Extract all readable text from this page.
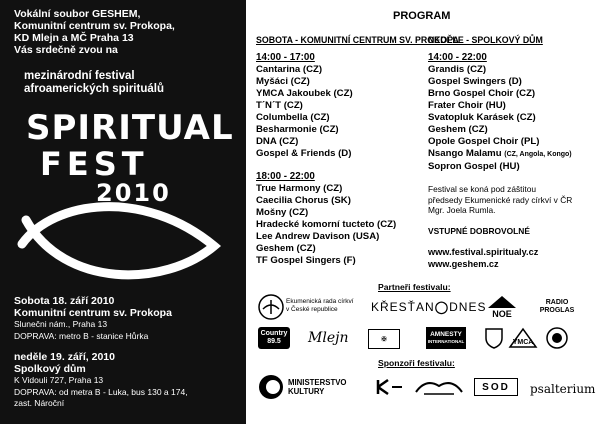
Vokální soubor GESHEM,
Komunitní centrum sv. Prokopa,
KD Mlejn a MČ Praha 13
Vás srdečně zvou na
mezinárodní festival
afroamerických spirituálů
SPIRITUAL
FEST
2010
Sobota 18. září 2010
Komunitní centrum sv. Prokopa
Slunečni nám., Praha 13
DOPRAVA: metro B - stanice Hůrka
neděle 19. září, 2010
Spolkový dům
K Vidouli 727, Praha 13
DOPRAVA: od metra B - Luka, bus 130 a 174,
zast. Nároční
PROGRAM
SOBOTA - KOMUNITNÍ CENTRUM SV. PROKOPA
14:00 - 17:00
Cantarina (CZ)
Myšáci (CZ)
YMCA Jakoubek (CZ)
T´N´T (CZ)
Columbella (CZ)
Besharmonie (CZ)
DNA (CZ)
Gospel & Friends (D)
18:00 - 22:00
True Harmony (CZ)
Caecilia Chorus (SK)
Mošny (CZ)
Hradecké komorní tucteto (CZ)
Lee Andrew Davison (USA)
Geshem (CZ)
TF Gospel Singers (F)
NEDĚLE - SPOLKOVÝ DŮM
14:00 - 22:00
Grandis (CZ)
Gospel Swingers (D)
Brno Gospel Choir (CZ)
Frater Choir (HU)
Svatopluk Karásek (CZ)
Geshem (CZ)
Opole Gospel Choir (PL)
Nsango Malamu (CZ, Angola, Kongo)
Sopron Gospel (HU)
Festival se koná pod záštitou
předsedy Ekumenické rady církví v ČR
Mgr. Joela Rumla.
VSTUPNÉ DOBROVOLNÉ
www.festival.spiritualy.cz
www.geshem.cz
Partneři festivalu:
Ekumenická rada církví
v České republice	KŘESŤAN◯DNES NOE
RADIO
PROGLAS
Country
89.5 Mlejn	✠
AMNESTY
INTERNATIONAL	YMCA
Sponzoři festivalu:
MINISTERSTVO
KULTURY	SOD	psalterium
